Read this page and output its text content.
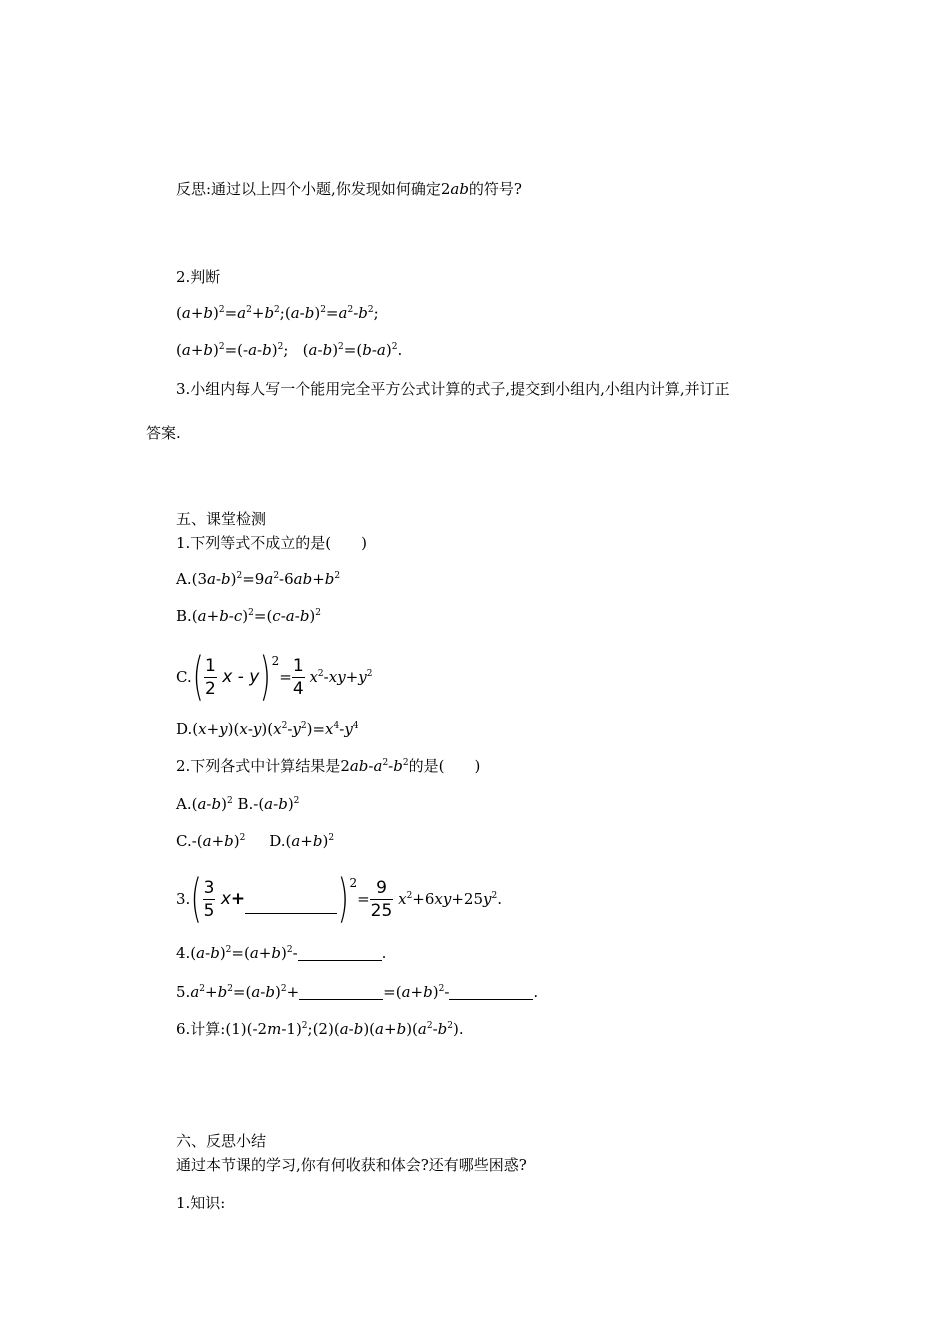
反思:通过以上四个小题,你发现如何确定2ab的符号?
2.判断
$(a+b)^2=a^2+b^2;(a-b)^2=a^2-b^2$;
$(a+b)^2=(-a-b)^2$;   $(a-b)^2=(b-a)^2$.
3.小组内每人写一个能用完全平方公式计算的式子,提交到小组内,小组内计算,并订正
答案.
五、课堂检测
1.下列等式不成立的是(　　)
$A.(3a-b)^2=9a^2-6ab+b^2$
$B.(a+b-c)^2=(c-a-b)^2$
$C.( \frac{1}{2}$ $x - y)^2= \frac{1}{4} x^2-xy+y^2$
$D.(x+y)(x-y)(x^2-y^2)=x^4-y^4$
2.下列各式中计算结果是$2ab-a^2-b^2$的是(　　)
$A.(a-b)^2$ $B.-(a-b)^2$
$C.-(a+b)^2$     $D.(a+b)^2$
$3.( \frac{3}{5} x+ )^2= \frac{9}{25} x^2+6xy+25y^2$.
$4.(a-b)^2=(a+b)^2-$	.
$5.a^2+b^2=(a-b)^2+$	$=(a+b)^2-$	.
6.计算$:(1)(-2m-1)^2;(2)(a-b)(a+b)(a^2-b^2)$.
六、反思小结
通过本节课的学习,你有何收获和体会?还有哪些困惑?
1.知识:
